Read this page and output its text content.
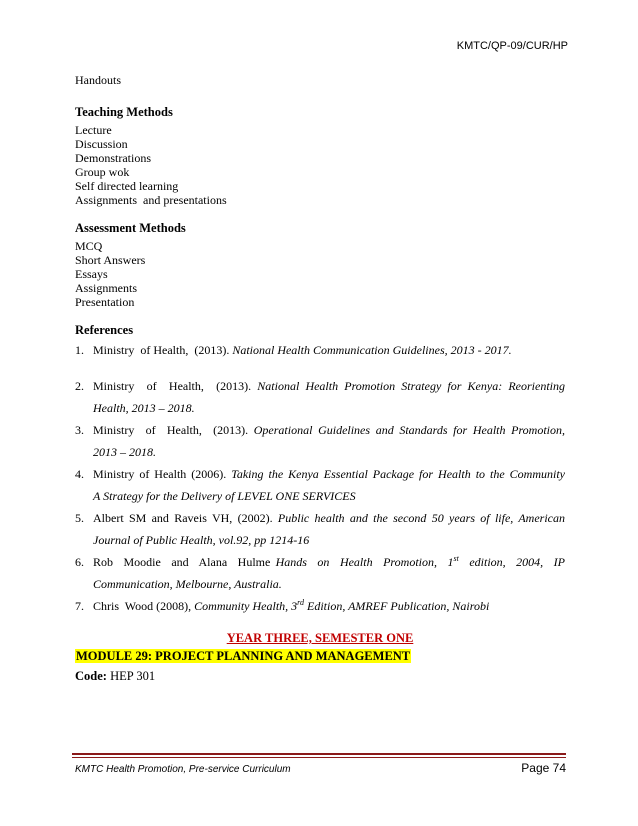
KMTC/QP-09/CUR/HP
Handouts
Teaching Methods
Lecture
Discussion
Demonstrations
Group wok
Self directed learning
Assignments  and presentations
Assessment Methods
MCQ
Short Answers
Essays
Assignments
Presentation
References
1. Ministry  of Health,  (2013). National Health Communication Guidelines, 2013 - 2017.
2. Ministry  of  Health,  (2013). National Health Promotion Strategy for Kenya: Reorienting
Health, 2013 – 2018.
3. Ministry  of  Health,  (2013). Operational Guidelines and Standards for Health Promotion,
2013 – 2018.
4. Ministry of Health (2006). Taking the Kenya Essential Package for Health to the Community
A Strategy for the Delivery of LEVEL ONE SERVICES
5. Albert SM and Raveis VH, (2002). Public health and the second 50 years of life, American
Journal of Public Health, vol.92, pp 1214-16
6. Rob  Moodie  and  Alana  Hulme Hands  on  Health  Promotion,  1st  edition,  2004,  IP
Communication, Melbourne, Australia.
7. Chris  Wood (2008), Community Health, 3rd Edition, AMREF Publication, Nairobi
YEAR THREE, SEMESTER ONE
MODULE 29: PROJECT PLANNING AND MANAGEMENT
Code: HEP 301
KMTC Health Promotion, Pre-service Curriculum	Page 74
